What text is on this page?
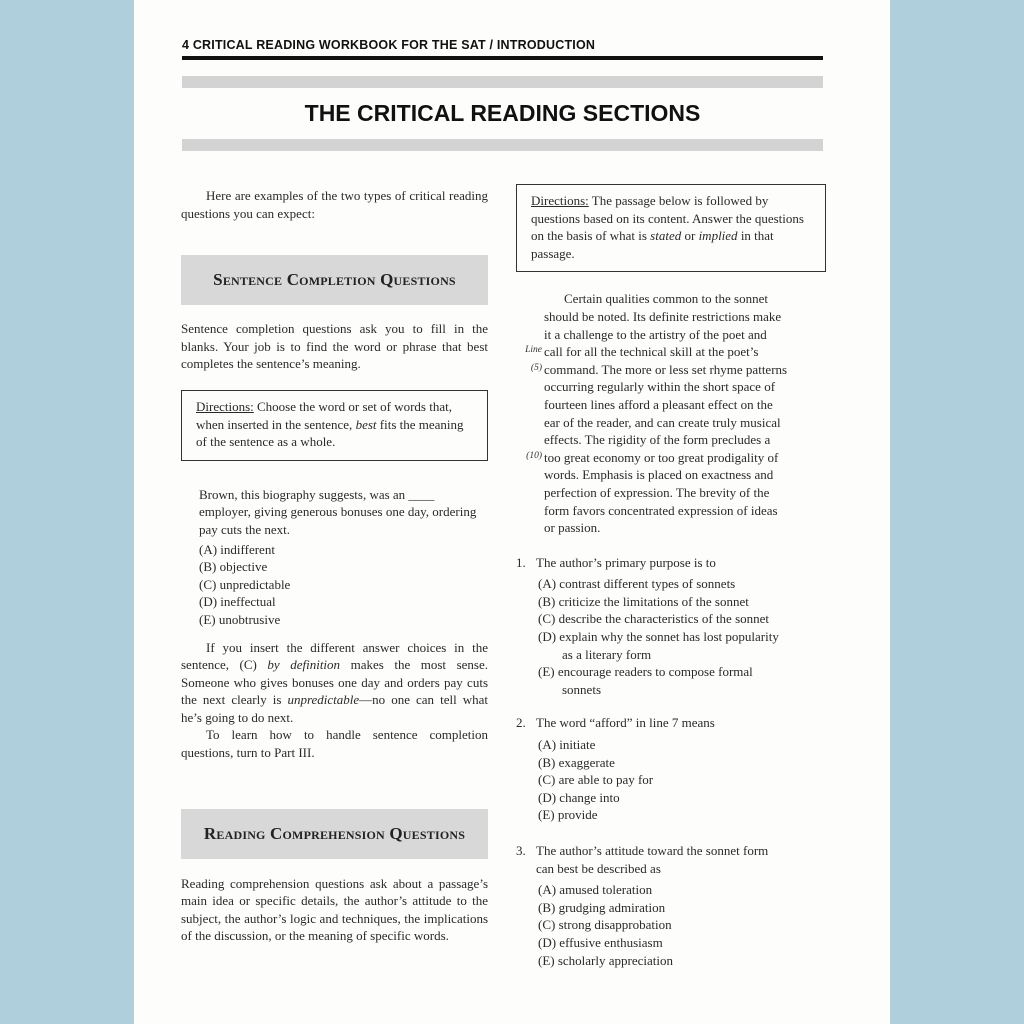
4 CRITICAL READING WORKBOOK FOR THE SAT / INTRODUCTION
THE CRITICAL READING SECTIONS

Here are examples of the two types of critical reading questions you can expect:

Sentence Completion Questions

Sentence completion questions ask you to fill in the blanks. Your job is to find the word or phrase that best completes the sentence’s meaning.

Directions: Choose the word or set of words that, when inserted in the sentence, best fits the meaning of the sentence as a whole.

Brown, this biography suggests, was an ____ employer, giving generous bonuses one day, ordering pay cuts the next.

(A) indifferent
(B) objective
(C) unpredictable
(D) ineffectual
(E) unobtrusive

If you insert the different answer choices in the sentence, (C) by definition makes the most sense. Someone who gives bonuses one day and orders pay cuts the next clearly is unpredictable—no one can tell what he’s going to do next.

To learn how to handle sentence completion questions, turn to Part III.

Reading Comprehension Questions

Reading comprehension questions ask about a passage’s main idea or specific details, the author’s attitude to the subject, the author’s logic and techniques, the implications of the discussion, or the meaning of specific words.

Directions: The passage below is followed by questions based on its content. Answer the questions on the basis of what is stated or implied in that passage.
Line
(5)
(10)
Certain qualities common to the sonnet
should be noted. Its definite restrictions make
it a challenge to the artistry of the poet and
call for all the technical skill at the poet’s
command. The more or less set rhyme patterns
occurring regularly within the short space of
fourteen lines afford a pleasant effect on the
ear of the reader, and can create truly musical
effects. The rigidity of the form precludes a
too great economy or too great prodigality of
words. Emphasis is placed on exactness and
perfection of expression. The brevity of the
form favors concentrated expression of ideas
or passion.
1. The author’s primary purpose is to
(A) contrast different types of sonnets
(B) criticize the limitations of the sonnet
(C) describe the characteristics of the sonnet
(D) explain why the sonnet has lost popularity
as a literary form
(E) encourage readers to compose formal
sonnets
2. The word “afford” in line 7 means
(A) initiate
(B) exaggerate
(C) are able to pay for
(D) change into
(E) provide
3. The author’s attitude toward the sonnet form
can best be described as
(A) amused toleration
(B) grudging admiration
(C) strong disapprobation
(D) effusive enthusiasm
(E) scholarly appreciation
